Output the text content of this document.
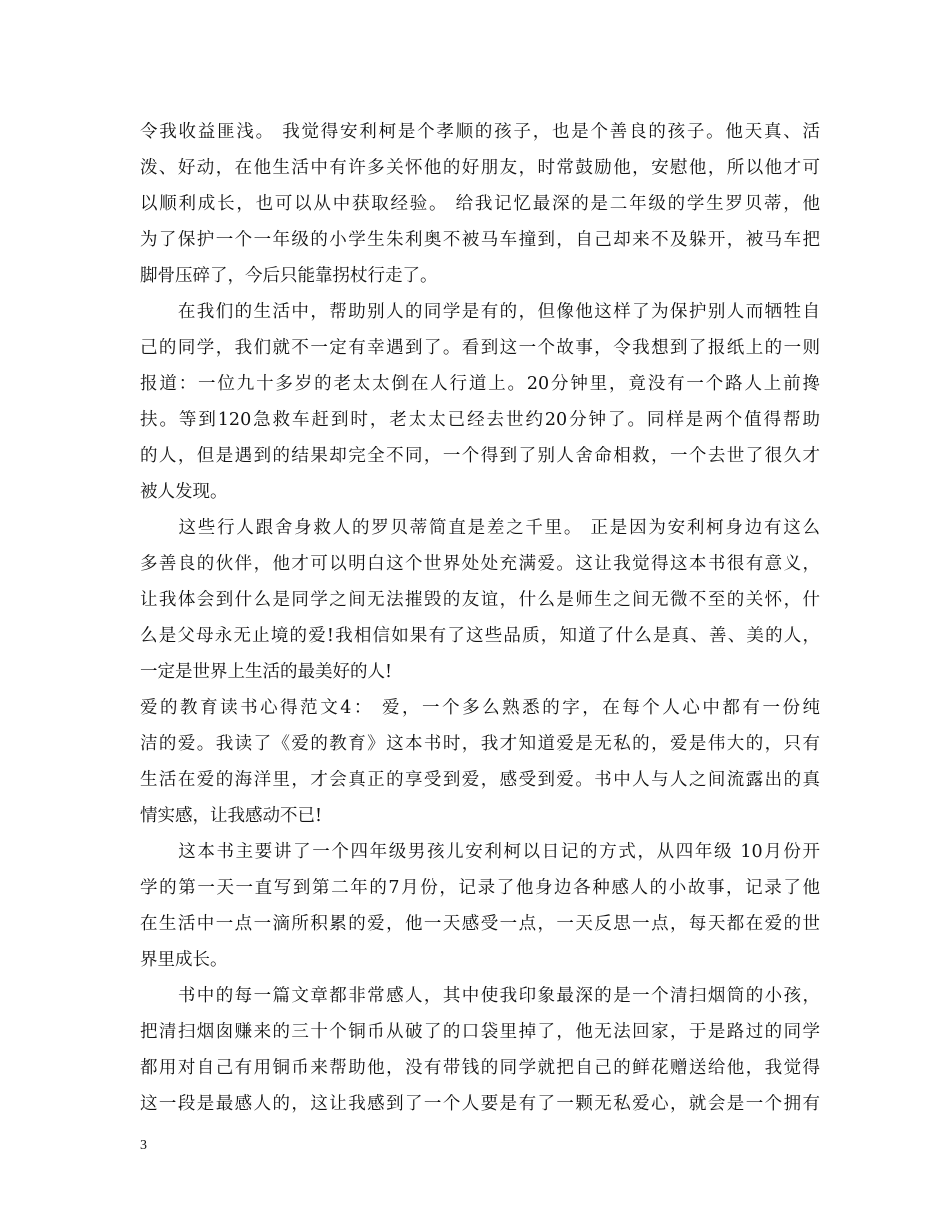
令我收益匪浅。 我觉得安利柯是个孝顺的孩子，也是个善良的孩子。他天真、活
泼、好动，在他生活中有许多关怀他的好朋友，时常鼓励他，安慰他，所以他才可
以顺利成长，也可以从中获取经验。 给我记忆最深的是二年级的学生罗贝蒂，他
为了保护一个一年级的小学生朱利奥不被马车撞到，自己却来不及躲开，被马车把
脚骨压碎了，今后只能靠拐杖行走了。
　　在我们的生活中，帮助别人的同学是有的，但像他这样了为保护别人而牺牲自
己的同学，我们就不一定有幸遇到了。看到这一个故事，令我想到了报纸上的一则
报道：一位九十多岁的老太太倒在人行道上。20分钟里，竟没有一个路人上前搀
扶。等到120急救车赶到时，老太太已经去世约20分钟了。同样是两个值得帮助
的人，但是遇到的结果却完全不同，一个得到了别人舍命相救，一个去世了很久才
被人发现。
　　这些行人跟舍身救人的罗贝蒂简直是差之千里。 正是因为安利柯身边有这么
多善良的伙伴，他才可以明白这个世界处处充满爱。这让我觉得这本书很有意义，
让我体会到什么是同学之间无法摧毁的友谊，什么是师生之间无微不至的关怀，什
么是父母永无止境的爱!我相信如果有了这些品质，知道了什么是真、善、美的人，
一定是世界上生活的最美好的人!
爱的教育读书心得范文4： 爱，一个多么熟悉的字，在每个人心中都有一份纯
洁的爱。我读了《爱的教育》这本书时，我才知道爱是无私的，爱是伟大的，只有
生活在爱的海洋里，才会真正的享受到爱，感受到爱。书中人与人之间流露出的真
情实感，让我感动不已!
　　这本书主要讲了一个四年级男孩儿安利柯以日记的方式，从四年级 10月份开
学的第一天一直写到第二年的7月份，记录了他身边各种感人的小故事，记录了他
在生活中一点一滴所积累的爱，他一天感受一点，一天反思一点，每天都在爱的世
界里成长。
　　书中的每一篇文章都非常感人，其中使我印象最深的是一个清扫烟筒的小孩，
把清扫烟囱赚来的三十个铜币从破了的口袋里掉了，他无法回家，于是路过的同学
都用对自己有用铜币来帮助他，没有带钱的同学就把自己的鲜花赠送给他，我觉得
这一段是最感人的，这让我感到了一个人要是有了一颗无私爱心，就会是一个拥有
3
